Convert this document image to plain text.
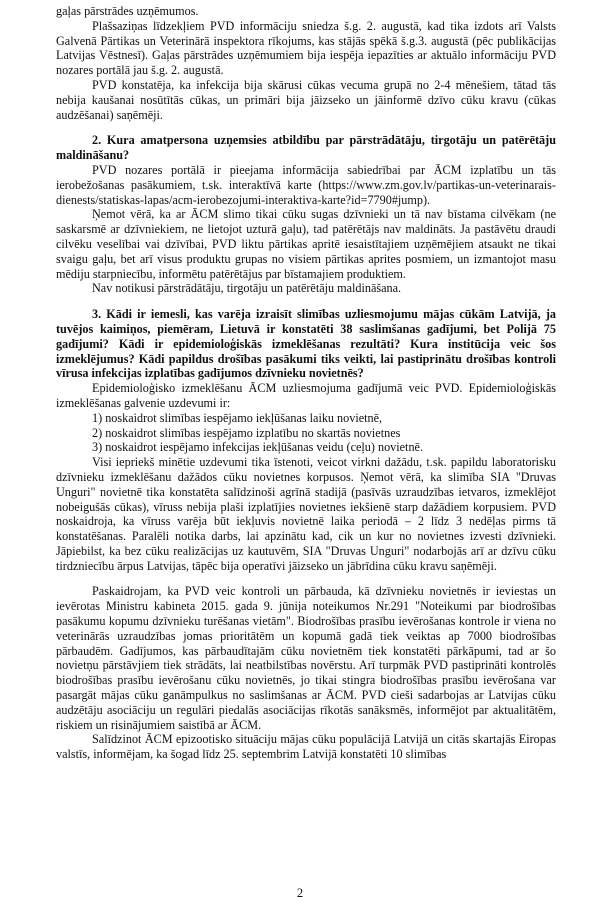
gaļas pārstrādes uzņēmumos.

Plašsaziņas līdzekļiem PVD informāciju sniedza š.g. 2. augustā, kad tika izdots arī Valsts Galvenā Pārtikas un Veterinārā inspektora rīkojums, kas stājās spēkā š.g.3. augustā (pēc publikācijas Latvijas Vēstnesī). Gaļas pārstrādes uzņēmumiem bija iespēja iepazīties ar aktuālo informāciju PVD nozares portālā jau š.g. 2. augustā.

PVD konstatēja, ka infekcija bija skārusi cūkas vecuma grupā no 2-4 mēnešiem, tātad tās nebija kaušanai nosūtītās cūkas, un primāri bija jāizseko un jāinformē dzīvo cūku kravu (cūkas audzēšanai) saņēmēji.

2. Kura amatpersona uzņemsies atbildību par pārstrādātāju, tirgotāju un patērētāju maldināšanu?

PVD nozares portālā ir pieejama informācija sabiedrībai par ĀCM izplatību un tās ierobežošanas pasākumiem, t.sk. interaktīvā karte (https://www.zm.gov.lv/partikas-un-veterinarais-dienests/statiskas-lapas/acm-ierobezojumi-interaktiva-karte?id=7790#jump).

Ņemot vērā, ka ar ĀCM slimo tikai cūku sugas dzīvnieki un tā nav bīstama cilvēkam (ne saskarsmē ar dzīvniekiem, ne lietojot uzturā gaļu), tad patērētājs nav maldināts. Ja pastāvētu draudi cilvēku veselībai vai dzīvībai, PVD liktu pārtikas apritē iesaistītajiem uzņēmējiem atsaukt ne tikai svaigu gaļu, bet arī visus produktu grupas no visiem pārtikas aprites posmiem, un izmantojot masu mēdiju starpniecību, informētu patērētājus par bīstamajiem produktiem.

Nav notikusi pārstrādātāju, tirgotāju un patērētāju maldināšana.

3. Kādi ir iemesli, kas varēja izraisīt slimības uzliesmojumu mājas cūkām Latvijā, ja tuvējos kaimiņos, piemēram, Lietuvā ir konstatēti 38 saslimšanas gadījumi, bet Polijā 75 gadījumi? Kādi ir epidemioloģiskās izmeklēšanas rezultāti? Kura institūcija veic šos izmeklējumus? Kādi papildus drošības pasākumi tiks veikti, lai pastiprinātu drošības kontroli vīrusa infekcijas izplatības gadījumos dzīvnieku novietnēs?

Epidemioloģisko izmeklēšanu ĀCM uzliesmojuma gadījumā veic PVD. Epidemioloģiskās izmeklēšanas galvenie uzdevumi ir:

1) noskaidrot slimības iespējamo iekļūšanas laiku novietnē,
2) noskaidrot slimības iespējamo izplatību no skartās novietnes
3) noskaidrot iespējamo infekcijas iekļūšanas veidu (ceļu) novietnē.

Visi iepriekš minētie uzdevumi tika īstenoti, veicot virkni dažādu, t.sk. papildu laboratorisku dzīvnieku izmeklēšanu dažādos cūku novietnes korpusos. Ņemot vērā, ka slimība SIA "Druvas Unguri" novietnē tika konstatēta salīdzinoši agrīnā stadijā (pasīvās uzraudzības ietvaros, izmeklējot nobeigušās cūkas), vīruss nebija plaši izplatījies novietnes iekšienē starp dažādiem korpusiem. PVD noskaidroja, ka vīruss varēja būt iekļuvis novietnē laika periodā – 2 līdz 3 nedēļas pirms tā konstatēšanas. Paralēli notika darbs, lai apzinātu kad, cik un kur no novietnes izvesti dzīvnieki. Jāpiebilst, ka bez cūku realizācijas uz kautuvēm, SIA "Druvas Unguri" nodarbojās arī ar dzīvu cūku tirdzniecību ārpus Latvijas, tāpēc bija operatīvi jāizseko un jābrīdina cūku kravu saņēmēji.

Paskaidrojam, ka PVD veic kontroli un pārbauda, kā dzīvnieku novietnēs ir ieviestas un ievērotas Ministru kabineta 2015. gada 9. jūnija noteikumos Nr.291 "Noteikumi par biodrošības pasākumu kopumu dzīvnieku turēšanas vietām". Biodrošības prasību ievērošanas kontrole ir viena no veterinārās uzraudzības jomas prioritātēm un kopumā gadā tiek veiktas ap 7000 biodrošības pārbaudēm. Gadījumos, kas pārbaudītajām cūku novietnēm tiek konstatēti pārkāpumi, tad ar šo novietņu pārstāvjiem tiek strādāts, lai neatbilstības novērstu. Arī turpmāk PVD pastiprināti kontrolēs biodrošības prasību ievērošanu cūku novietnēs, jo tikai stingra biodrošības prasību ievērošana var pasargāt mājas cūku ganāmpulkus no saslimšanas ar ĀCM. PVD cieši sadarbojas ar Latvijas cūku audzētāju asociāciju un regulāri piedalās asociācijas rīkotās sanāksmēs, informējot par aktualitātēm, riskiem un risinājumiem saistībā ar ĀCM.

Salīdzinot ĀCM epizootisko situāciju mājas cūku populācijā Latvijā un citās skartajās Eiropas valstīs, informējam, ka šogad līdz 25. septembrim Latvijā konstatēti 10 slimības

2
